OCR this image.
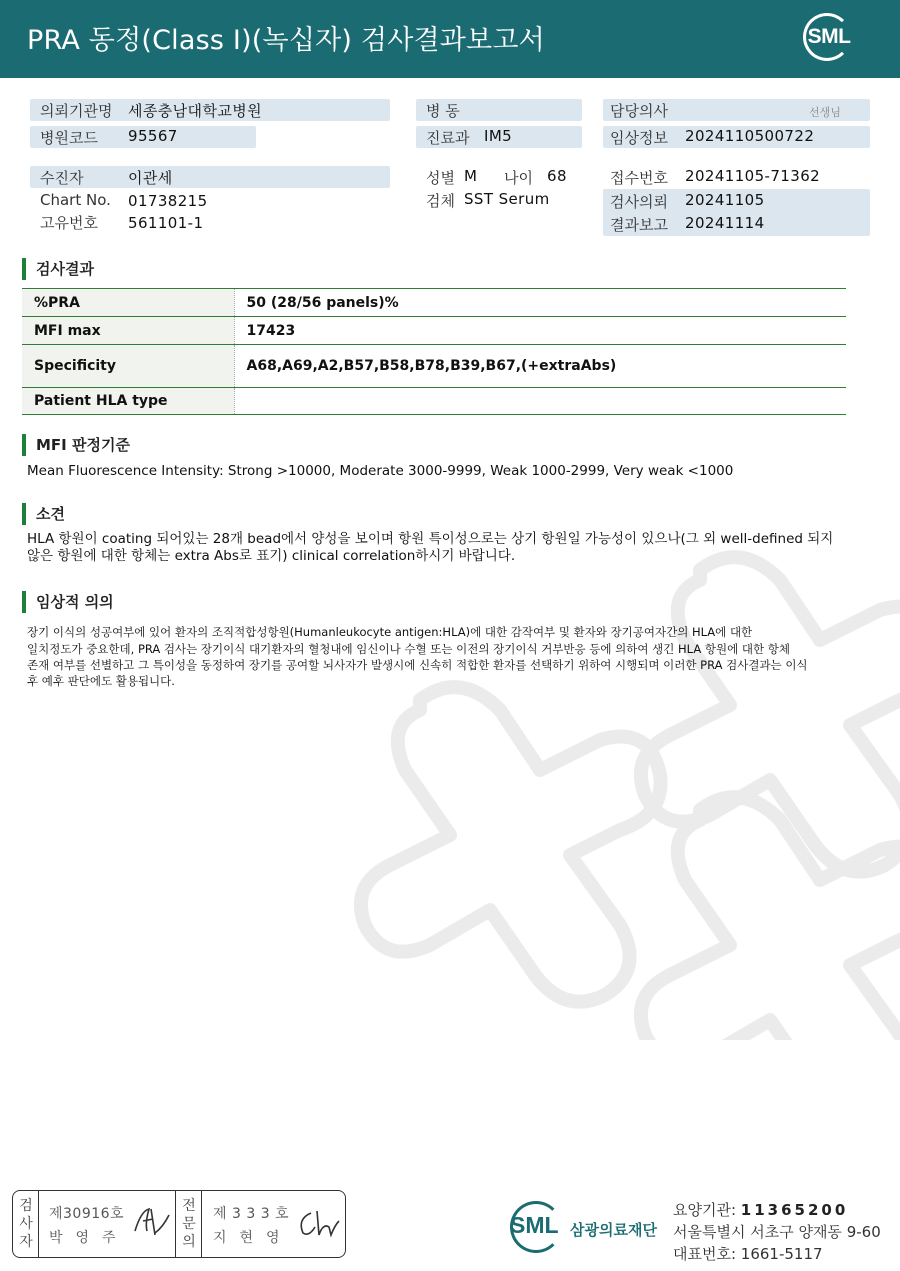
PRA 동정(Class I)(녹십자) 검사결과보고서	SML
의뢰기관명 세종충남대학교병원
병원코드 95567
병 동
진료과 IM5
담당의사	선생님
임상정보 2024110500722
수진자	이관세
Chart No. 01738215
고유번호 561101-1
성별 M 나이 68
검체 SST Serum
접수번호 20241105-71362
검사의뢰 20241105
결과보고 20241114
검사결과
%PRA	50 (28/56 panels)%
MFI max	17423
Specificity	A68,A69,A2,B57,B58,B78,B39,B67,(+extraAbs)
Patient HLA type	
MFI 판정기준
Mean Fluorescence Intensity: Strong >10000, Moderate 3000-9999, Weak 1000-2999, Very weak <1000
소견
HLA 항원이 coating 되어있는 28개 bead에서 양성을 보이며 항원 특이성으로는 상기 항원일 가능성이 있으나(그 외 well-defined 되지
않은 항원에 대한 항체는 extra Abs로 표기) clinical correlation하시기 바랍니다.
임상적 의의
장기 이식의 성공여부에 있어 환자의 조직적합성항원(Humanleukocyte antigen:HLA)에 대한 감작여부 및 환자와 장기공여자간의 HLA에 대한
일치정도가 중요한데, PRA 검사는 장기이식 대기환자의 혈청내에 임신이나 수혈 또는 이전의 장기이식 거부반응 등에 의하여 생긴 HLA 항원에 대한 항체
존재 여부를 선별하고 그 특이성을 동정하여 장기를 공여할 뇌사자가 발생시에 신속히 적합한 환자를 선택하기 위하여 시행되며 이러한 PRA 검사결과는 이식
후 예후 판단에도 활용됩니다.
검
사
자
제30916호
박영주
전
문
의
제 3 3 3 호
지현영	SML 삼광의료재단
요양기관: 11365200
서울특별시 서초구 양재동 9-60
대표번호: 1661-5117
